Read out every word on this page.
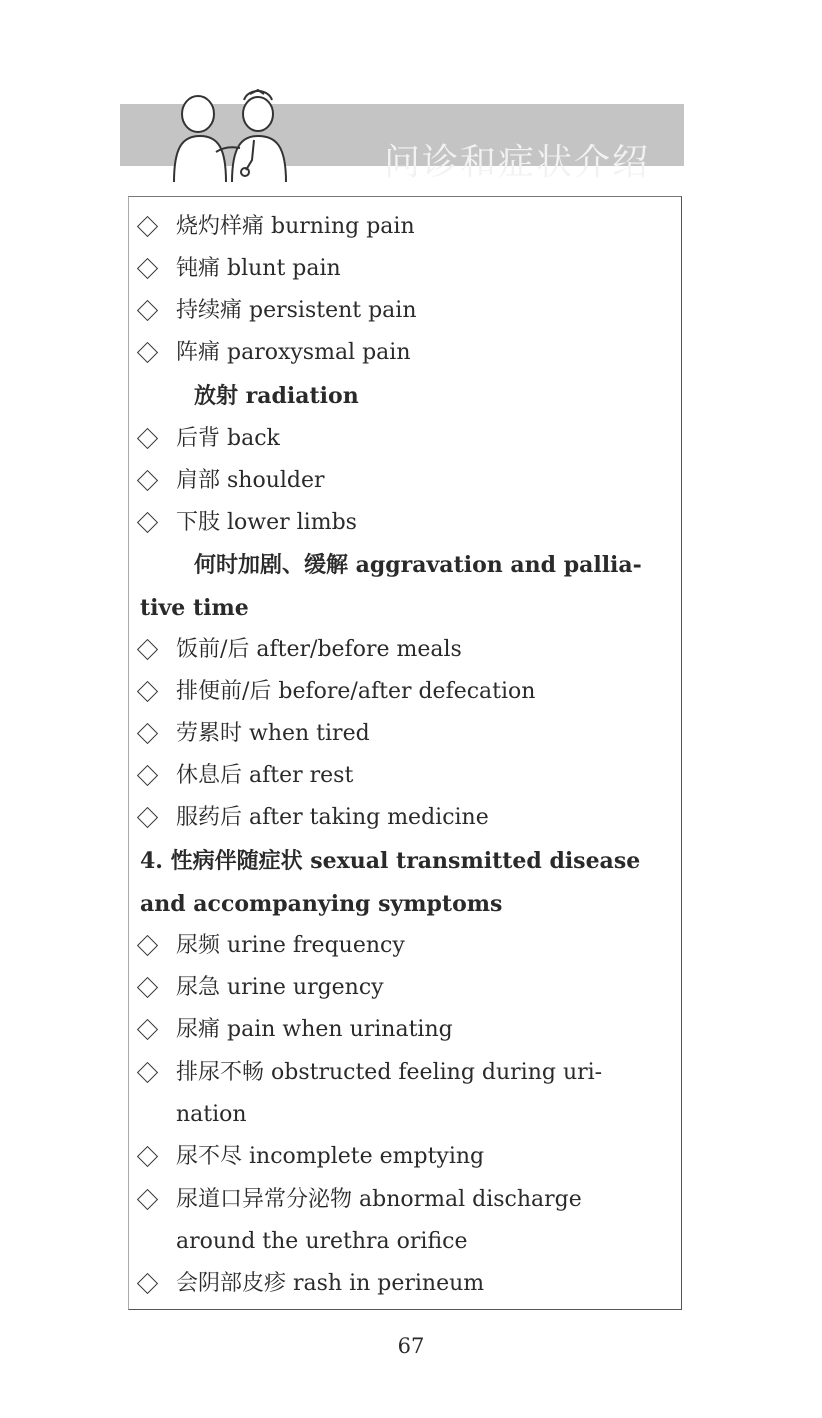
问诊和症状介绍
烧灼样痛 burning pain
钝痛 blunt pain
持续痛 persistent pain
阵痛 paroxysmal pain
放射 radiation
后背 back
肩部 shoulder
下肢 lower limbs
何时加剧、缓解 aggravation and pallia-
tive time
饭前/后 after/before meals
排便前/后 before/after defecation
劳累时 when tired
休息后 after rest
服药后 after taking medicine
4. 性病伴随症状 sexual transmitted disease
and accompanying symptoms
尿频 urine frequency
尿急 urine urgency
尿痛 pain when urinating
排尿不畅 obstructed feeling during uri-
nation
尿不尽 incomplete emptying
尿道口异常分泌物 abnormal discharge
around the urethra orifice
会阴部皮疹 rash in perineum
67
